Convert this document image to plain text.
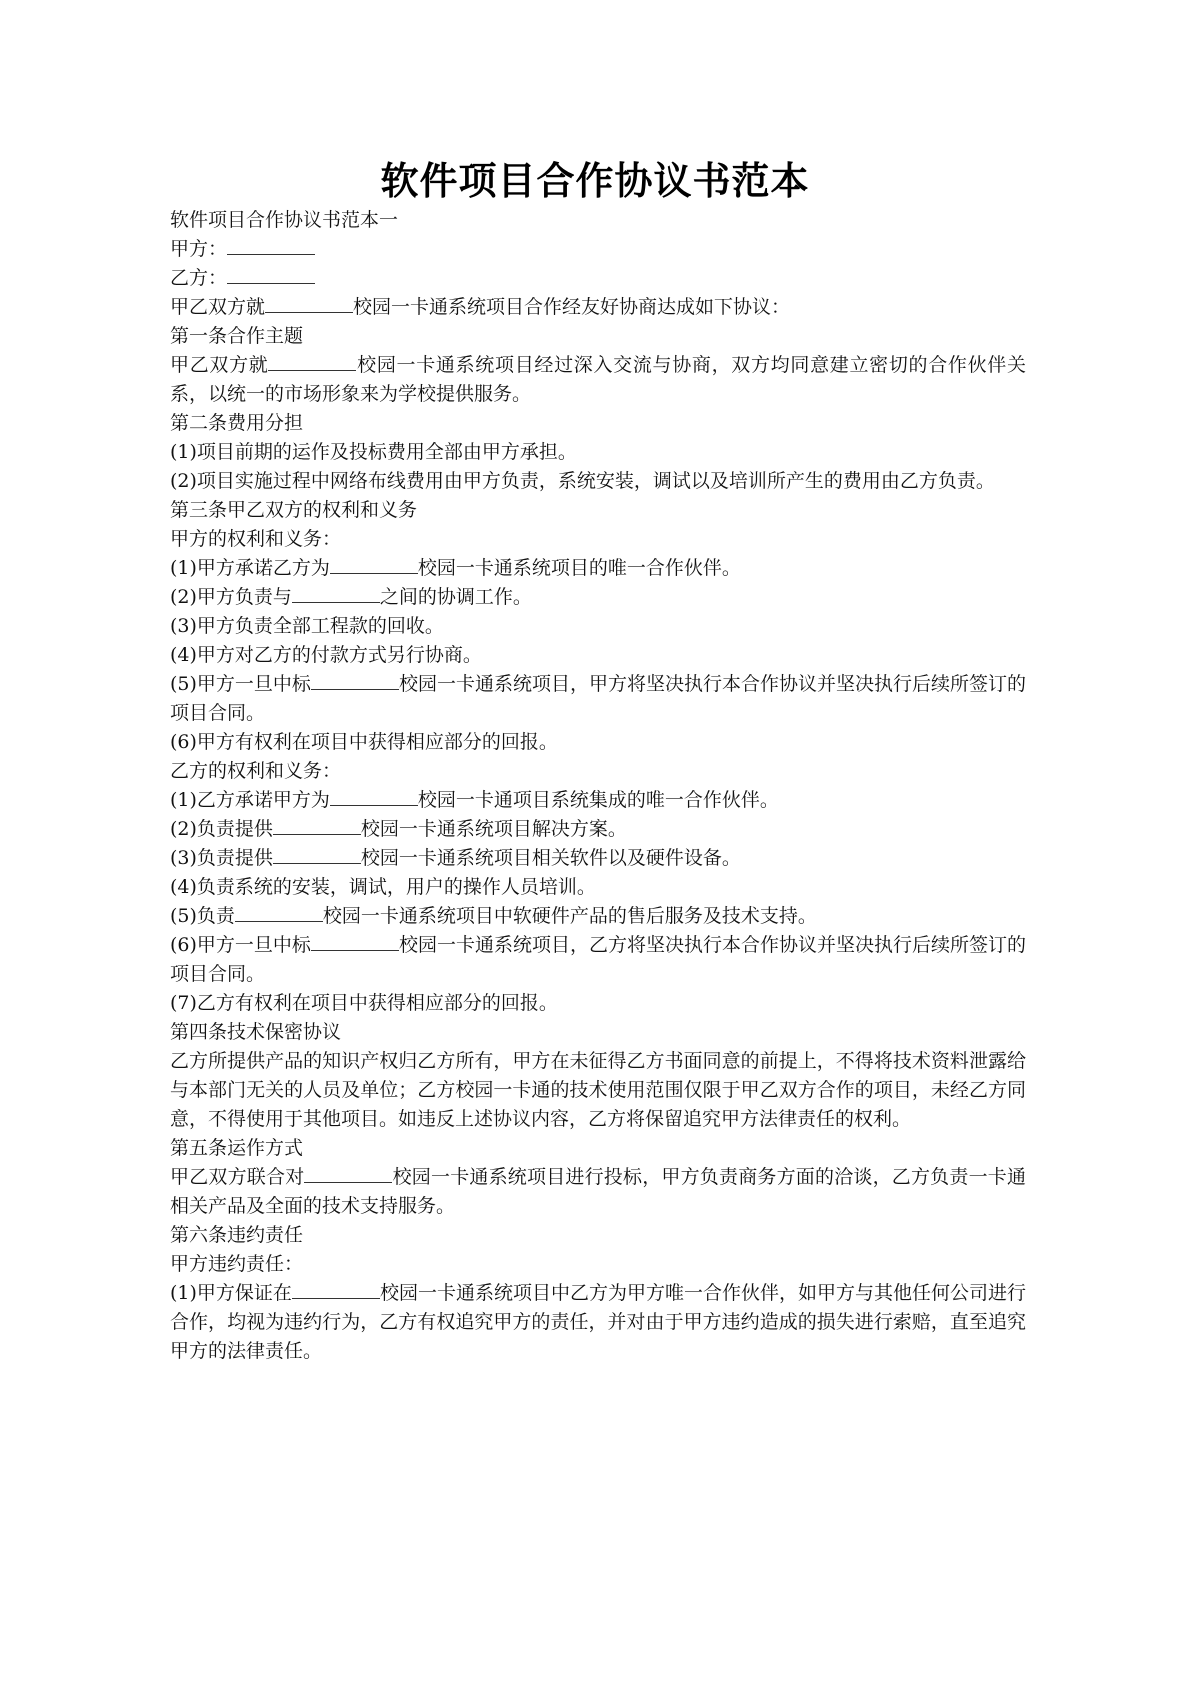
软件项目合作协议书范本
软件项目合作协议书范本一
甲方：
乙方：
甲乙双方就	校园一卡通系统项目合作经友好协商达成如下协议：
第一条合作主题
甲乙双方就	校园一卡通系统项目经过深入交流与协商，双方均同意建立密切的合作伙伴关系，以统一的市场形象来为学校提供服务。
第二条费用分担
(1)项目前期的运作及投标费用全部由甲方承担。
(2)项目实施过程中网络布线费用由甲方负责，系统安装，调试以及培训所产生的费用由乙方负责。
第三条甲乙双方的权利和义务
甲方的权利和义务：
(1)甲方承诺乙方为	校园一卡通系统项目的唯一合作伙伴。
(2)甲方负责与	之间的协调工作。
(3)甲方负责全部工程款的回收。
(4)甲方对乙方的付款方式另行协商。
(5)甲方一旦中标	校园一卡通系统项目，甲方将坚决执行本合作协议并坚决执行后续所签订的项目合同。
(6)甲方有权利在项目中获得相应部分的回报。
乙方的权利和义务：
(1)乙方承诺甲方为	校园一卡通项目系统集成的唯一合作伙伴。
(2)负责提供	校园一卡通系统项目解决方案。
(3)负责提供	校园一卡通系统项目相关软件以及硬件设备。
(4)负责系统的安装，调试，用户的操作人员培训。
(5)负责	校园一卡通系统项目中软硬件产品的售后服务及技术支持。
(6)甲方一旦中标	校园一卡通系统项目，乙方将坚决执行本合作协议并坚决执行后续所签订的项目合同。
(7)乙方有权利在项目中获得相应部分的回报。
第四条技术保密协议
乙方所提供产品的知识产权归乙方所有，甲方在未征得乙方书面同意的前提上，不得将技术资料泄露给与本部门无关的人员及单位；乙方校园一卡通的技术使用范围仅限于甲乙双方合作的项目，未经乙方同意，不得使用于其他项目。如违反上述协议内容，乙方将保留追究甲方法律责任的权利。
第五条运作方式
甲乙双方联合对	校园一卡通系统项目进行投标，甲方负责商务方面的洽谈，乙方负责一卡通相关产品及全面的技术支持服务。
第六条违约责任
甲方违约责任：
(1)甲方保证在	校园一卡通系统项目中乙方为甲方唯一合作伙伴，如甲方与其他任何公司进行合作，均视为违约行为，乙方有权追究甲方的责任，并对由于甲方违约造成的损失进行索赔，直至追究甲方的法律责任。
